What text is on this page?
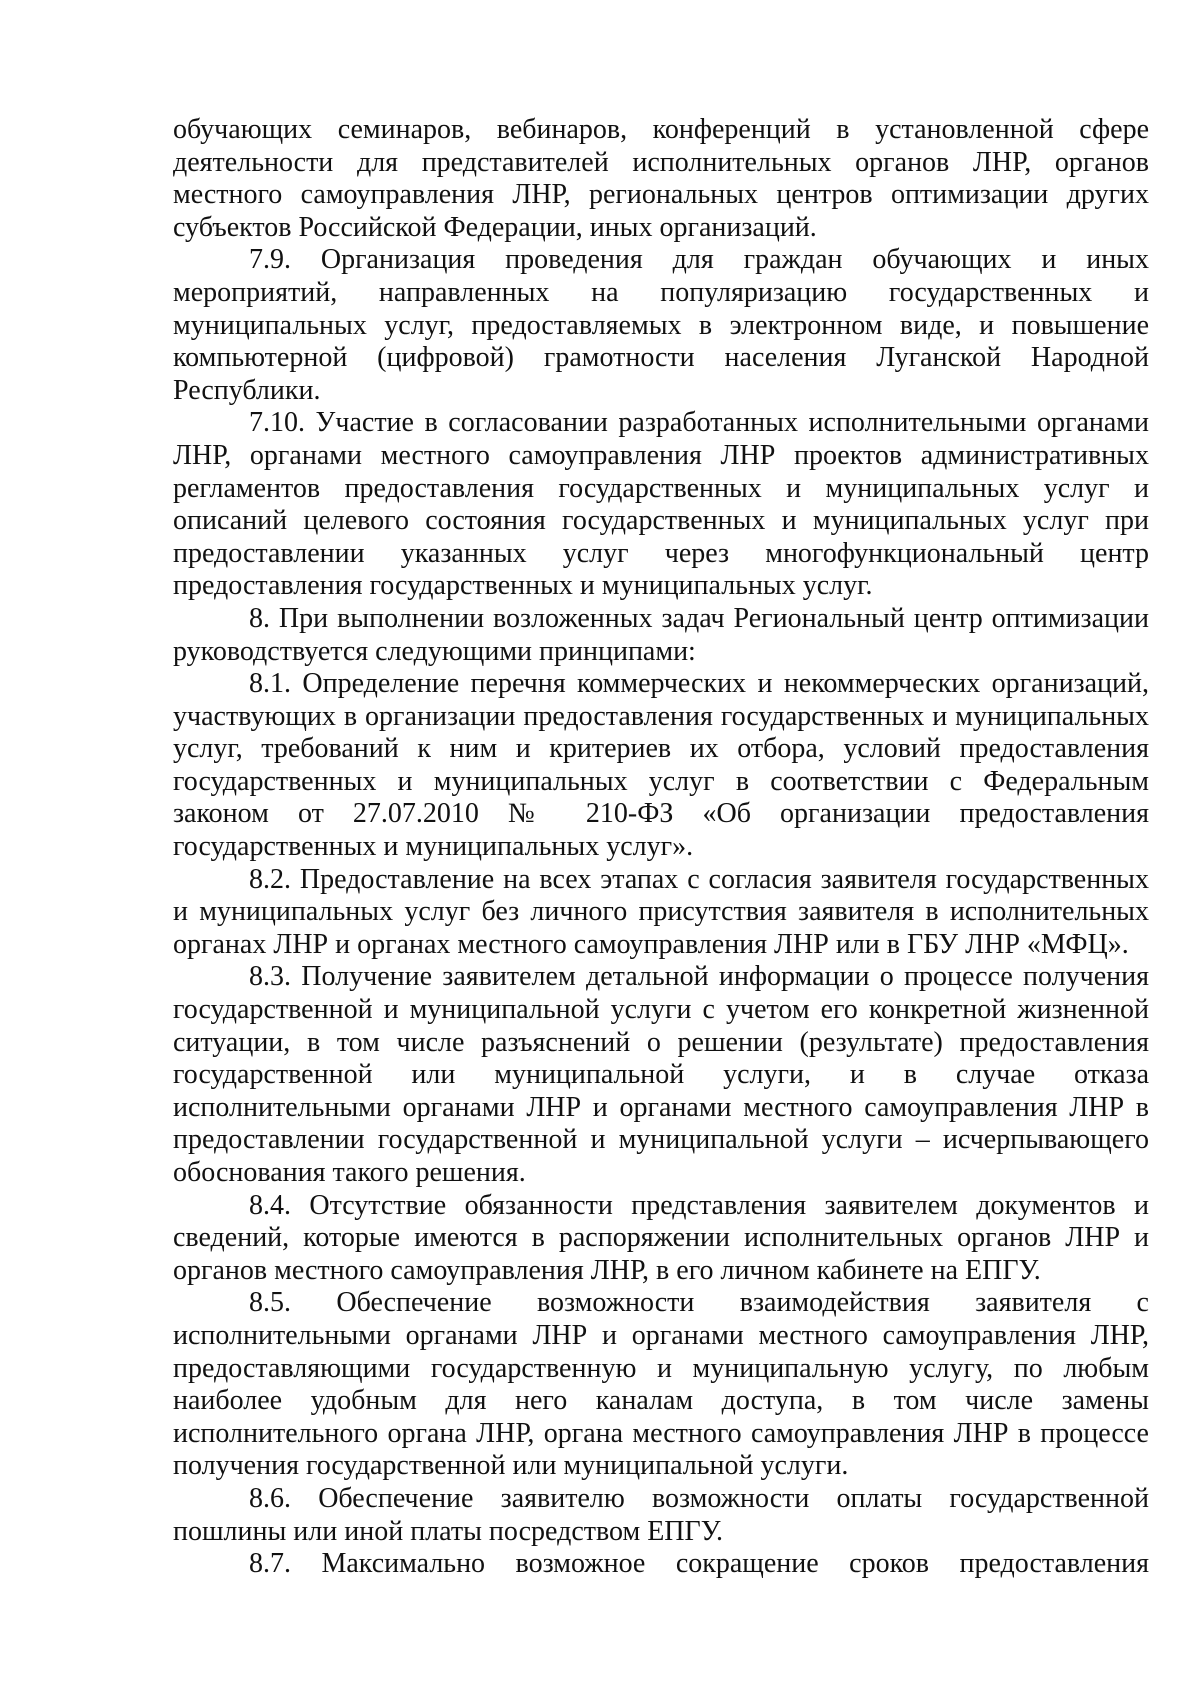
обучающих семинаров, вебинаров, конференций в установленной сфере деятельности для представителей исполнительных органов ЛНР, органов местного самоуправления ЛНР, региональных центров оптимизации других субъектов Российской Федерации, иных организаций.

7.9. Организация проведения для граждан обучающих и иных мероприятий, направленных на популяризацию государственных и муниципальных услуг, предоставляемых в электронном виде, и повышение компьютерной (цифровой) грамотности населения Луганской Народной Республики.

7.10. Участие в согласовании разработанных исполнительными органами ЛНР, органами местного самоуправления ЛНР проектов административных регламентов предоставления государственных и муниципальных услуг и описаний целевого состояния государственных и муниципальных услуг при предоставлении указанных услуг через многофункциональный центр предоставления государственных и муниципальных услуг.

8. При выполнении возложенных задач Региональный центр оптимизации руководствуется следующими принципами:

8.1. Определение перечня коммерческих и некоммерческих организаций, участвующих в организации предоставления государственных и муниципальных услуг, требований к ним и критериев их отбора, условий предоставления государственных и муниципальных услуг в соответствии с Федеральным законом от 27.07.2010 № 210-ФЗ «Об организации предоставления государственных и муниципальных услуг».

8.2. Предоставление на всех этапах с согласия заявителя государственных и муниципальных услуг без личного присутствия заявителя в исполнительных органах ЛНР и органах местного самоуправления ЛНР или в ГБУ ЛНР «МФЦ».

8.3. Получение заявителем детальной информации о процессе получения государственной и муниципальной услуги с учетом его конкретной жизненной ситуации, в том числе разъяснений о решении (результате) предоставления государственной или муниципальной услуги, и в случае отказа исполнительными органами ЛНР и органами местного самоуправления ЛНР в предоставлении государственной и муниципальной услуги – исчерпывающего обоснования такого решения.

8.4. Отсутствие обязанности представления заявителем документов и сведений, которые имеются в распоряжении исполнительных органов ЛНР и органов местного самоуправления ЛНР, в его личном кабинете на ЕПГУ.

8.5. Обеспечение возможности взаимодействия заявителя с исполнительными органами ЛНР и органами местного самоуправления ЛНР, предоставляющими государственную и муниципальную услугу, по любым наиболее удобным для него каналам доступа, в том числе замены исполнительного органа ЛНР, органа местного самоуправления ЛНР в процессе получения государственной или муниципальной услуги.

8.6. Обеспечение заявителю возможности оплаты государственной пошлины или иной платы посредством ЕПГУ.

8.7. Максимально возможное сокращение сроков предоставления
